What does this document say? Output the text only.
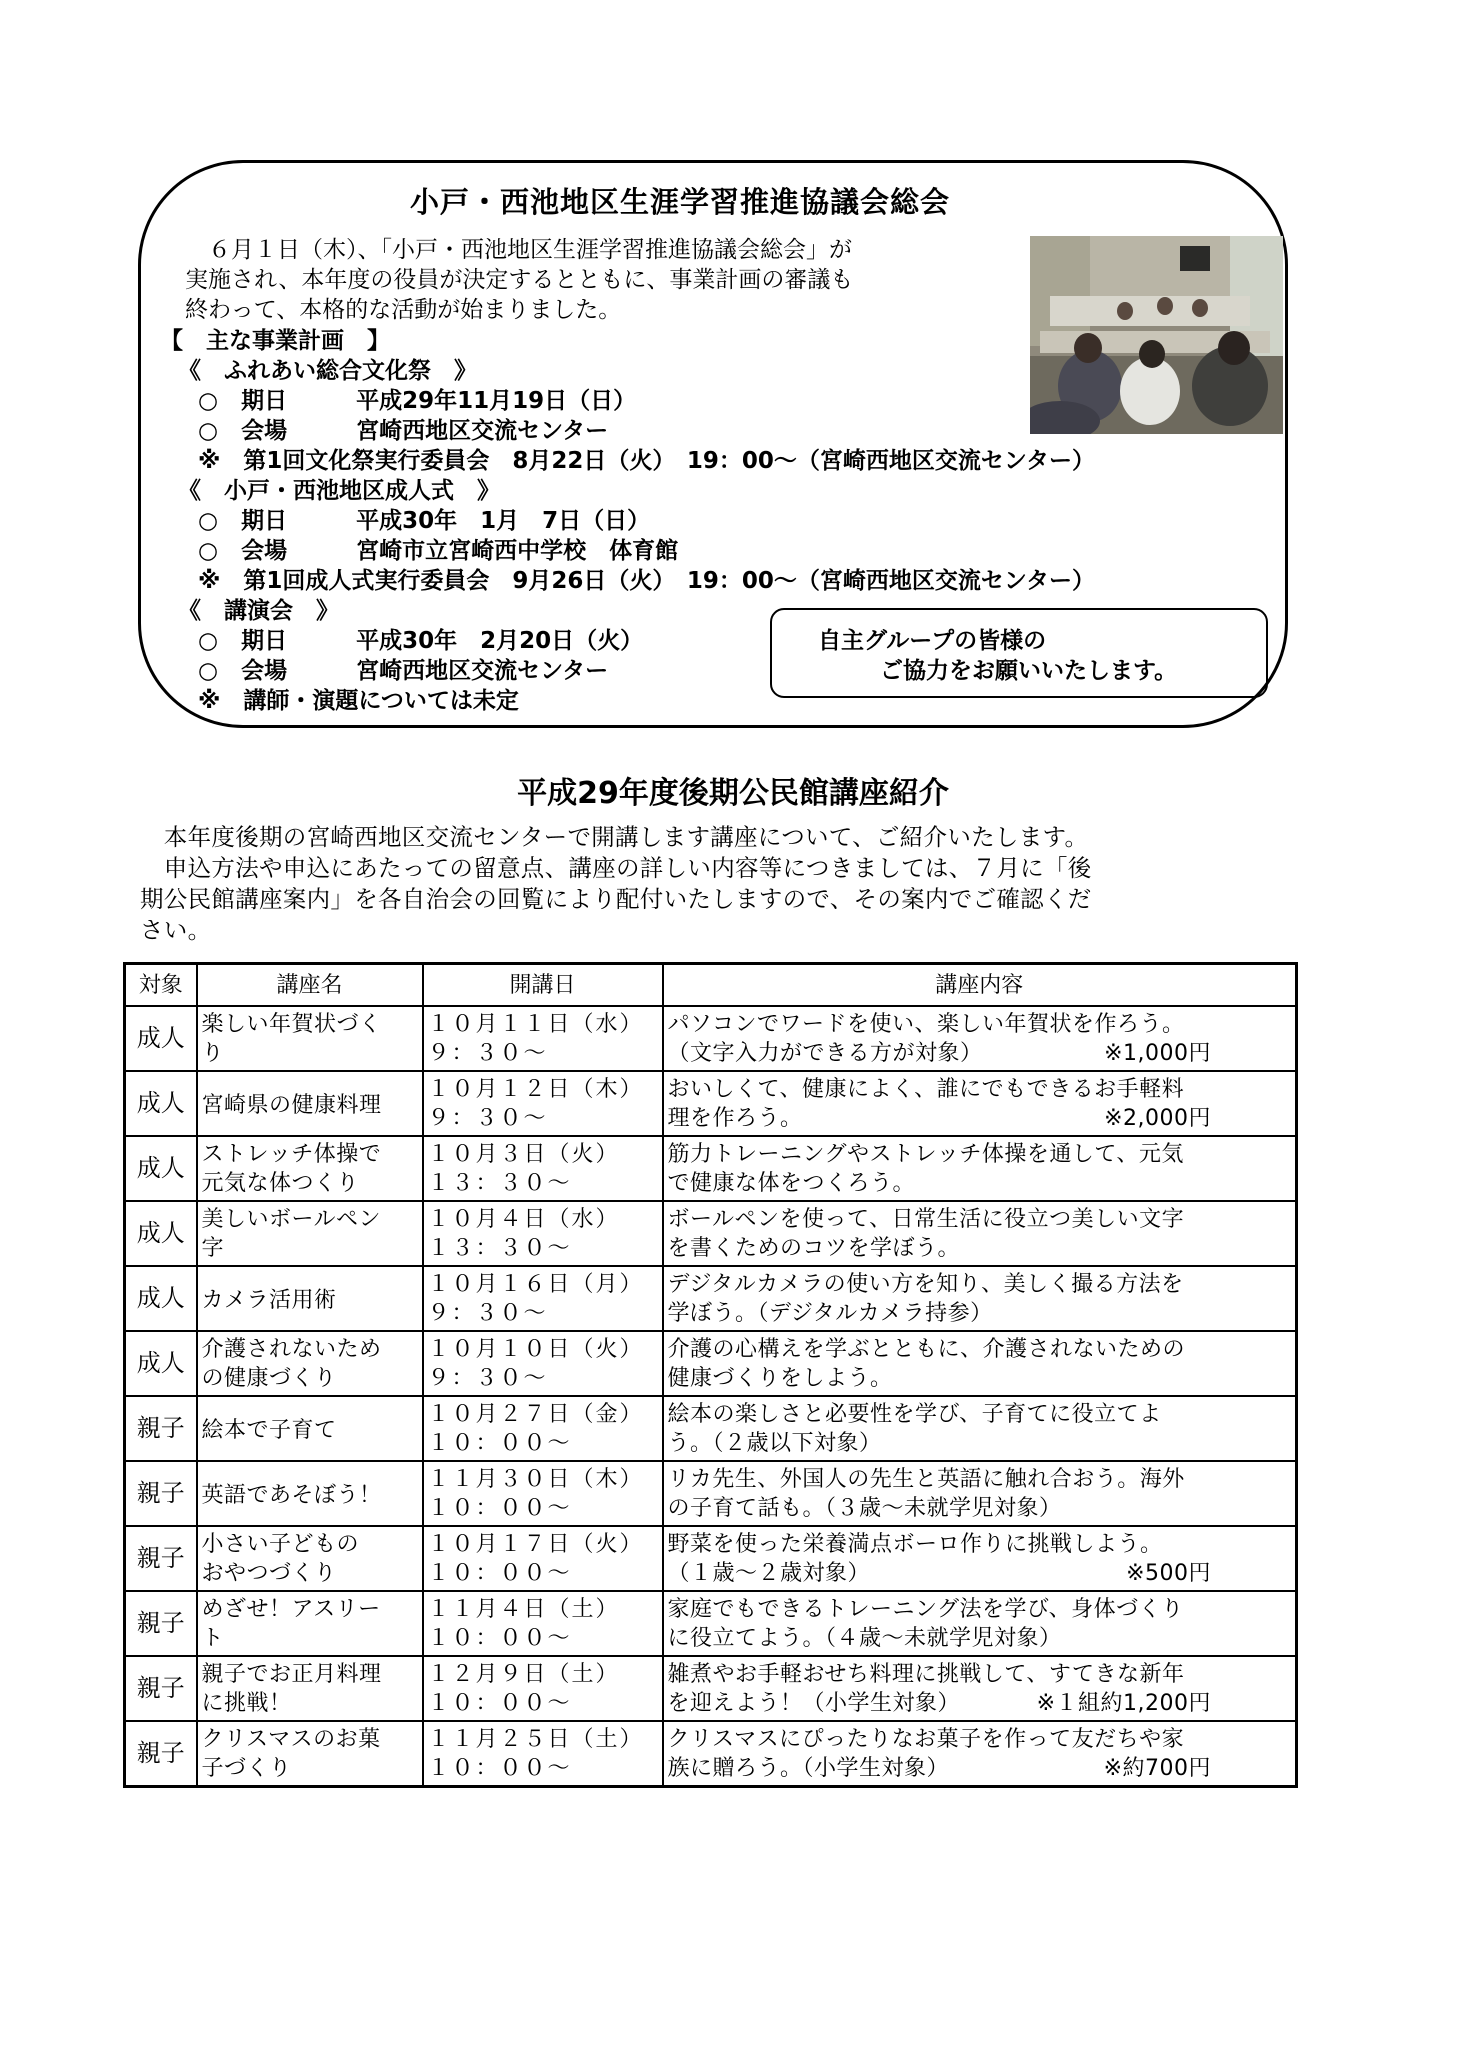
小戸・西池地区生涯学習推進協議会総会
　６月１日（木）、「小戸・西池地区生涯学習推進協議会総会」が
実施され、本年度の役員が決定するとともに、事業計画の審議も
終わって、本格的な活動が始まりました。
【　主な事業計画　】
《　ふれあい総合文化祭　》
○　期日　　　平成29年11月19日（日）
○　会場　　　宮崎西地区交流センター
※　第1回文化祭実行委員会　8月22日（火）　19：00～（宮崎西地区交流センター）
《　小戸・西池地区成人式　》
○　期日　　　平成30年　1月　7日（日）
○　会場　　　宮崎市立宮崎西中学校　体育館
※　第1回成人式実行委員会　9月26日（火）　19：00～（宮崎西地区交流センター）
《　講演会　》
○　期日　　　平成30年　2月20日（火）
○　会場　　　宮崎西地区交流センター
※　講師・演題については未定
自主グループの皆様の
ご協力をお願いいたします。
平成29年度後期公民館講座紹介
　本年度後期の宮崎西地区交流センターで開講します講座について、ご紹介いたします。
　申込方法や申込にあたっての留意点、講座の詳しい内容等につきましては、７月に「後
期公民館講座案内」を各自治会の回覧により配付いたしますので、その案内でご確認くだ
さい。
対象	講座名	開講日	講座内容
成人	楽しい年賀状づく
り	１０月１１日（水）
９：３０～	パソコンでワードを使い、楽しい年賀状を作ろう。
（文字入力ができる方が対象） ※1,000円

成人	宮崎県の健康料理	１０月１２日（木）
９：３０～	おいしくて、健康によく、誰にでもできるお手軽料
理を作ろう。 ※2,000円

成人	ストレッチ体操で
元気な体つくり	１０月３日（火）
１３：３０～	筋力トレーニングやストレッチ体操を通して、元気
で健康な体をつくろう。

成人	美しいボールペン
字	１０月４日（水）
１３：３０～	ボールペンを使って、日常生活に役立つ美しい文字
を書くためのコツを学ぼう。

成人	カメラ活用術	１０月１６日（月）
９：３０～	デジタルカメラの使い方を知り、美しく撮る方法を
学ぼう。（デジタルカメラ持参）

成人	介護されないため
の健康づくり	１０月１０日（火）
９：３０～	介護の心構えを学ぶとともに、介護されないための
健康づくりをしよう。

親子	絵本で子育て	１０月２７日（金）
１０：００～	絵本の楽しさと必要性を学び、子育てに役立てよ
う。（２歳以下対象）

親子	英語であそぼう！	１１月３０日（木）
１０：００～	リカ先生、外国人の先生と英語に触れ合おう。海外
の子育て話も。（３歳～未就学児対象）

親子	小さい子どもの
おやつづくり	１０月１７日（火）
１０：００～	野菜を使った栄養満点ボーロ作りに挑戦しよう。
（１歳～２歳対象） ※500円

親子	めざせ！アスリー
ト	１１月４日（土）
１０：００～	家庭でもできるトレーニング法を学び、身体づくり
に役立てよう。（４歳～未就学児対象）

親子	親子でお正月料理
に挑戦！	１２月９日（土）
１０：００～	雑煮やお手軽おせち料理に挑戦して、すてきな新年
を迎えよう！（小学生対象） ※１組約1,200円

親子	クリスマスのお菓
子づくり	１１月２５日（土）
１０：００～	クリスマスにぴったりなお菓子を作って友だちや家
族に贈ろう。（小学生対象） ※約700円
